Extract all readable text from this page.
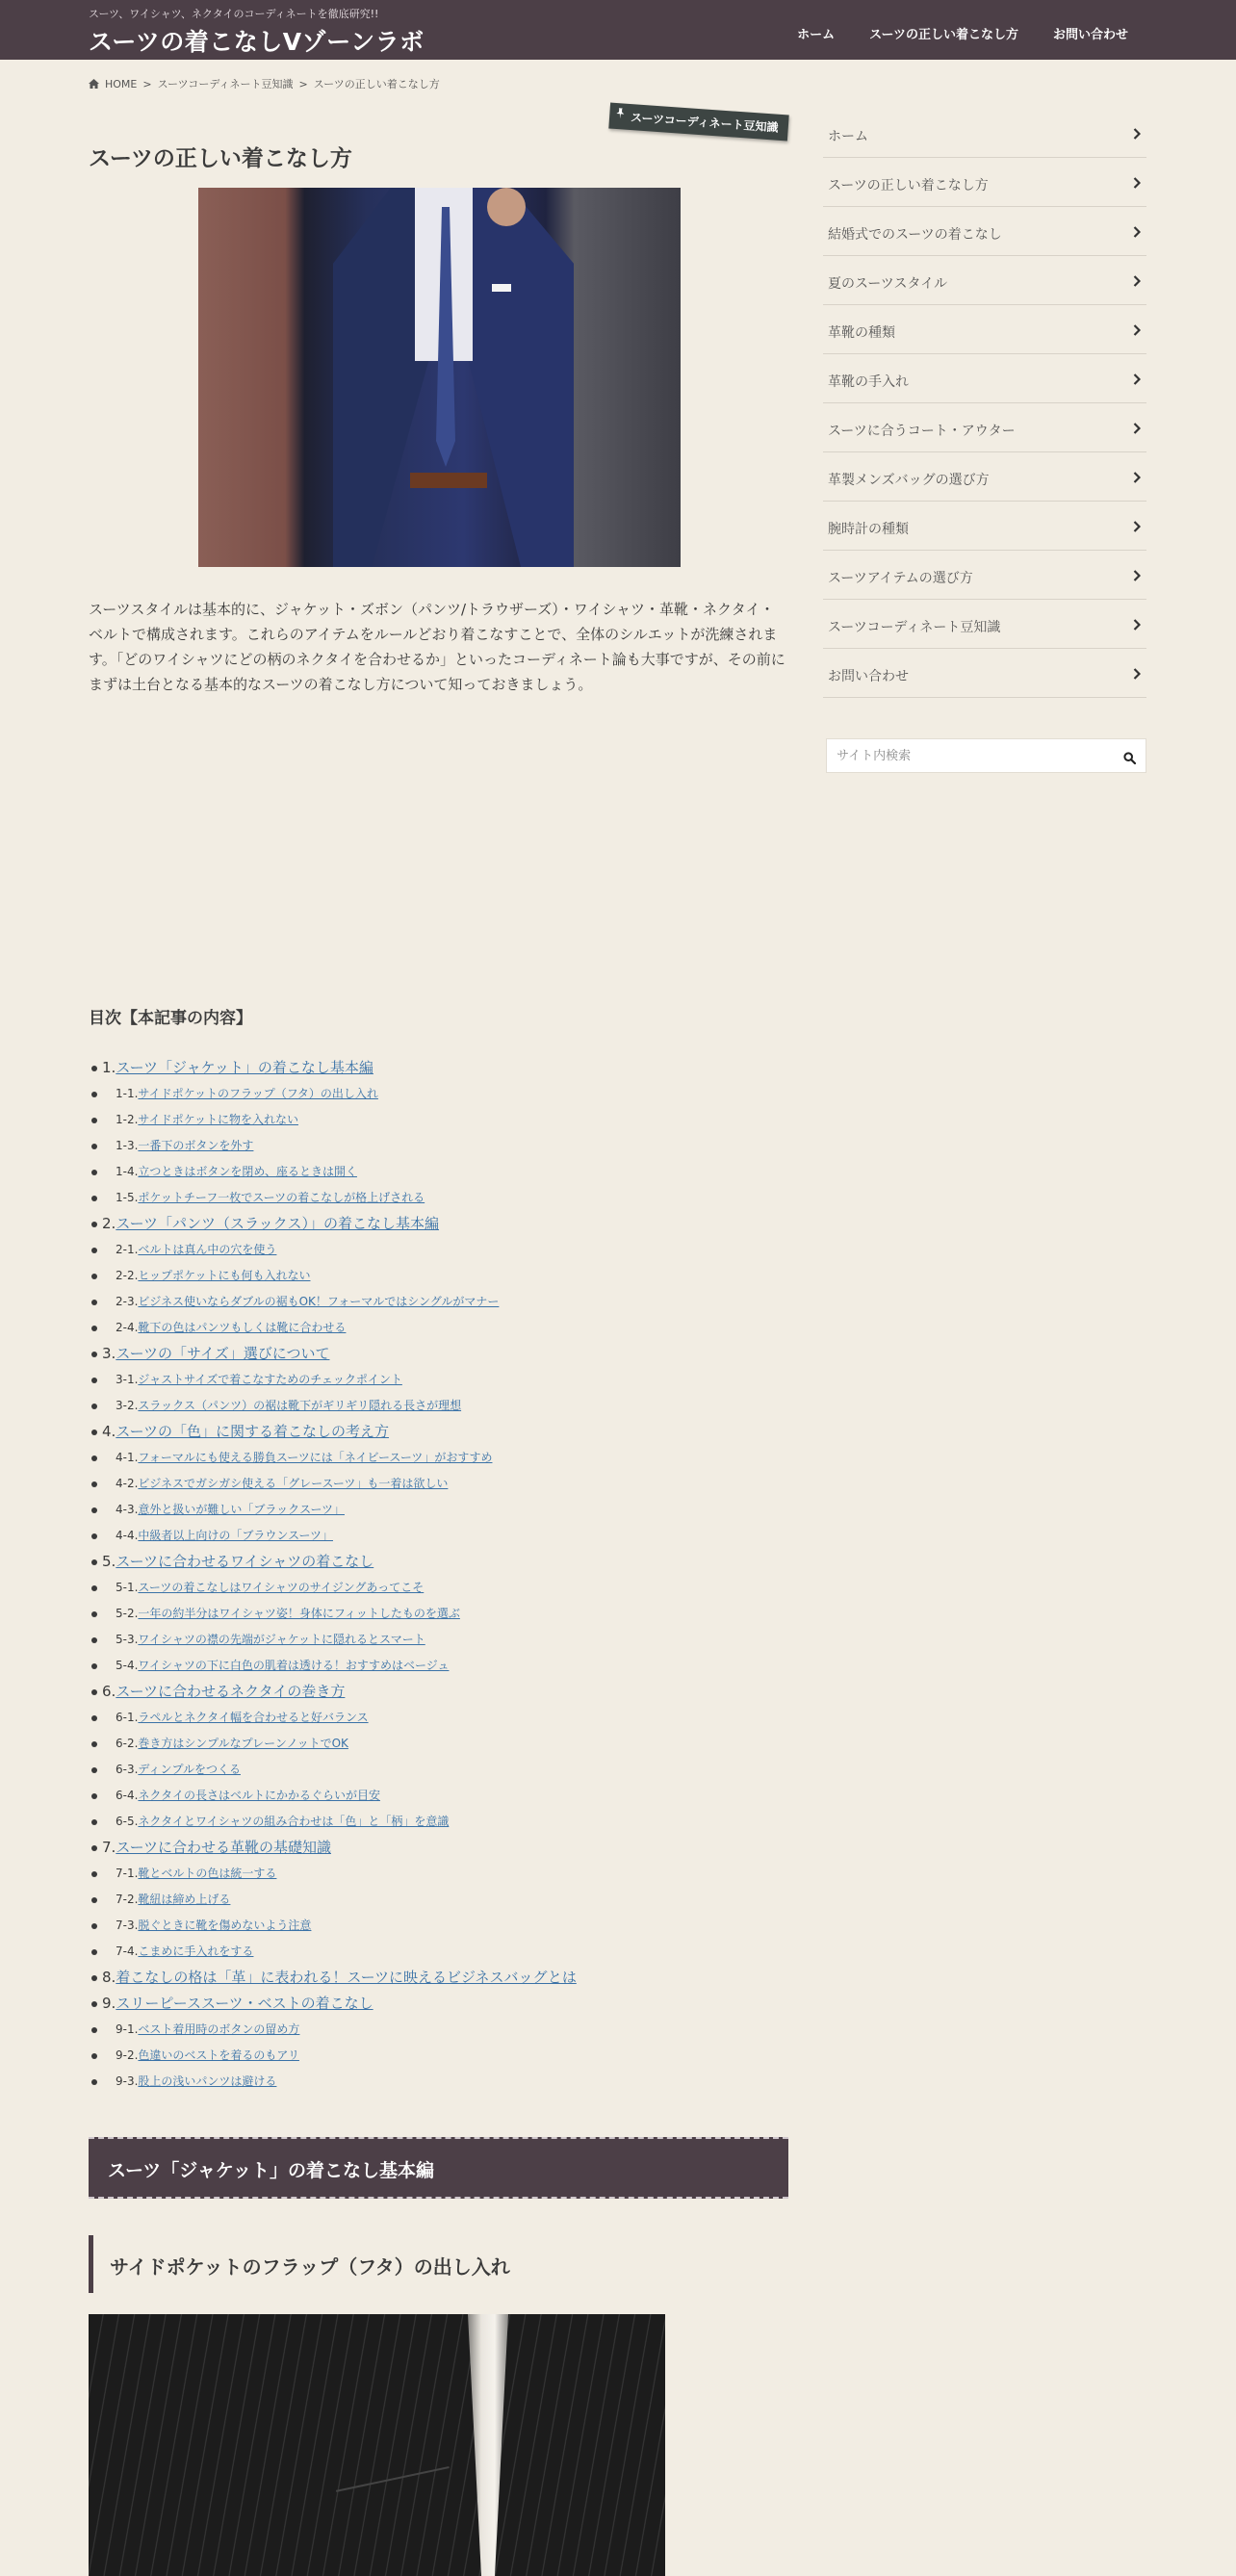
スーツ、ワイシャツ、ネクタイのコーディネートを徹底研究!!
スーツの着こなしVゾーンラボ	ホーム	スーツの正しい着こなし方	お問い合わせ
HOME > スーツコーディネート豆知識 > スーツの正しい着こなし方
スーツコーディネート豆知識
スーツの正しい着こなし方

スーツスタイルは基本的に、ジャケット・ズボン（パンツ/トラウザーズ）・ワイシャツ・革靴・ネクタイ・ベルトで構成されます。これらのアイテムをルールどおり着こなすことで、全体のシルエットが洗練されます。「どのワイシャツにどの柄のネクタイを合わせるか」といったコーディネート論も大事ですが、その前にまずは土台となる基本的なスーツの着こなし方について知っておきましょう。

目次【本記事の内容】
1.スーツ「ジャケット」の着こなし基本編
1-1.サイドポケットのフラップ（フタ）の出し入れ
1-2.サイドポケットに物を入れない
1-3.一番下のボタンを外す
1-4.立つときはボタンを閉め、座るときは開く
1-5.ポケットチーフ一枚でスーツの着こなしが格上げされる
2.スーツ「パンツ（スラックス）」の着こなし基本編
2-1.ベルトは真ん中の穴を使う
2-2.ヒップポケットにも何も入れない
2-3.ビジネス使いならダブルの裾もOK！フォーマルではシングルがマナー
2-4.靴下の色はパンツもしくは靴に合わせる
3.スーツの「サイズ」選びについて
3-1.ジャストサイズで着こなすためのチェックポイント
3-2.スラックス（パンツ）の裾は靴下がギリギリ隠れる長さが理想
4.スーツの「色」に関する着こなしの考え方
4-1.フォーマルにも使える勝負スーツには「ネイビースーツ」がおすすめ
4-2.ビジネスでガシガシ使える「グレースーツ」も一着は欲しい
4-3.意外と扱いが難しい「ブラックスーツ」
4-4.中級者以上向けの「ブラウンスーツ」
5.スーツに合わせるワイシャツの着こなし
5-1.スーツの着こなしはワイシャツのサイジングあってこそ
5-2.一年の約半分はワイシャツ姿！身体にフィットしたものを選ぶ
5-3.ワイシャツの襟の先端がジャケットに隠れるとスマート
5-4.ワイシャツの下に白色の肌着は透ける！おすすめはベージュ
6.スーツに合わせるネクタイの巻き方
6-1.ラペルとネクタイ幅を合わせると好バランス
6-2.巻き方はシンプルなプレーンノットでOK
6-3.ディンプルをつくる
6-4.ネクタイの長さはベルトにかかるぐらいが目安
6-5.ネクタイとワイシャツの組み合わせは「色」と「柄」を意識
7.スーツに合わせる革靴の基礎知識
7-1.靴とベルトの色は統一する
7-2.靴紐は締め上げる
7-3.脱ぐときに靴を傷めないよう注意
7-4.こまめに手入れをする
8.着こなしの格は「革」に表われる！スーツに映えるビジネスバッグとは
9.スリーピーススーツ・ベストの着こなし
9-1.ベスト着用時のボタンの留め方
9-2.色違いのベストを着るのもアリ
9-3.股上の浅いパンツは避ける
スーツ「ジャケット」の着こなし基本編
サイドポケットのフラップ（フタ）の出し入れ
ホーム
スーツの正しい着こなし方
結婚式でのスーツの着こなし
夏のスーツスタイル
革靴の種類
革靴の手入れ
スーツに合うコート・アウター
革製メンズバッグの選び方
腕時計の種類
スーツアイテムの選び方
スーツコーディネート豆知識
お問い合わせ
サイト内検索
